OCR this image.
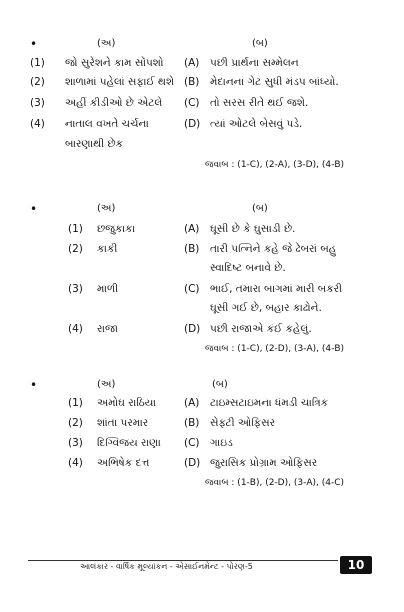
•	(અ)	(બ)
(1) જો સુરેશને કામ સોંપશો (A) પછી પ્રાર્થના સમ્મેલન
(2) શાળામાં પહેલાં સફાઈ થશે (B) મેદાનના ગેટ સુધી મંડપ બાંધ્યો.
(3) અહીં કીડીઓ છે એટલે (C) તો સરસ રીતે થઈ જશે.
(4) નાતાલ વખતે ચર્ચના	(D) ત્યાં ઓટલે બેસવું પડે.
બારણાથી છેક
જવાબ : (1-C), (2-A), (3-D), (4-B)
•	(અ)	(બ)
(1) છજુકાકા	(A) ઘૂસી છે કે ઘુસાડી છે.
(2) કાકી	(B) તારી પત્નિને કહે જે ઢેબરાં બહુ
સ્વાદિષ્ટ બનાવે છે.
(3) માળી	(C) ભાઈ, તમારા બાગમાં મારી બકરી
ઘૂસી ગઈ છે, બહાર કાઢોને.
(4) રાજા	(D) પછી રાજાએ કંઈ કહેલું.
જવાબ : (1-C), (2-D), (3-A), (4-B)
•	(અ)	(બ)
(1) અમોઘ રાઠિયા	(A) ટાઇમ્સટાઇમના ધંમડી ચાત્રિક
(2) શાંતા પરમાર	(B) સેફ્ટી ઓફિસર
(3) દિગ્વિજય રાણા (C) ગાઇડ
(4) અભિષેક દત્ત	(D) જુરાસિક પ્રોગ્રામ ઓફિસર
જવાબ : (1-B), (2-D), (3-A), (4-C)
આલંકાર - વાર્ષિક મૂલ્યાંકન - એસાઈનમેન્ટ - પોરણ-5	10
